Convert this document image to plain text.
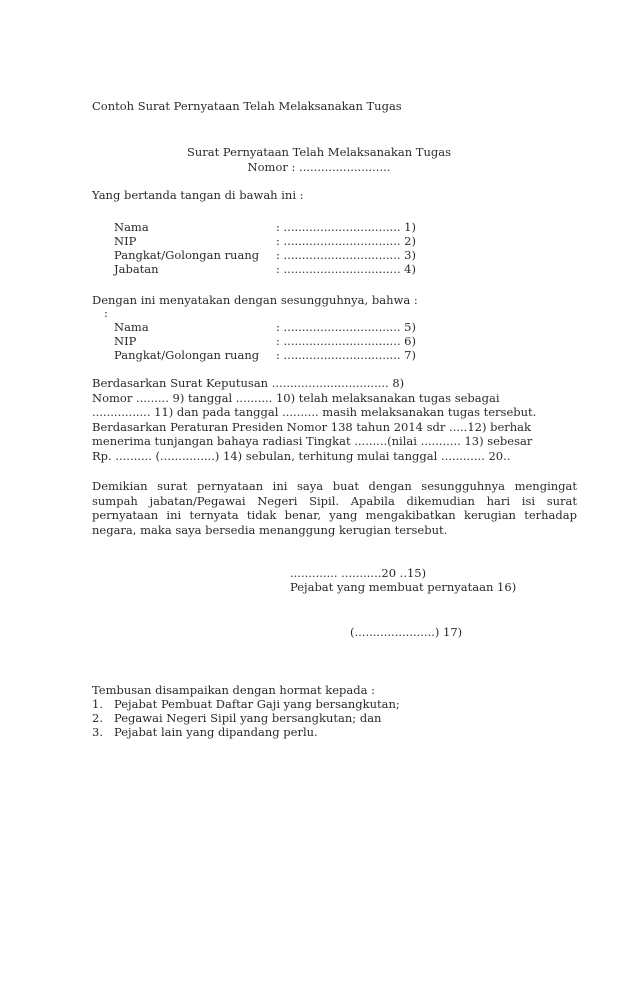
Contoh Surat Pernyataan Telah Melaksanakan Tugas
Surat Pernyataan Telah Melaksanakan Tugas
Nomor : .........................
Yang bertanda tangan di bawah ini :
Nama	: ................................ 1)
NIP	: ................................ 2)
Pangkat/Golongan ruang : ................................ 3)
Jabatan	: ................................ 4)
Dengan ini menyatakan dengan sesungguhnya, bahwa :
:
Nama	: ................................ 5)
NIP	: ................................ 6)
Pangkat/Golongan ruang : ................................ 7)
Berdasarkan Surat Keputusan ................................ 8)
Nomor ......... 9) tanggal .......... 10) telah melaksanakan tugas sebagai
................ 11) dan pada tanggal .......... masih melaksanakan tugas tersebut.
Berdasarkan Peraturan Presiden Nomor 138 tahun 2014 sdr .....12) berhak
menerima tunjangan bahaya radiasi Tingkat .........(nilai ........... 13) sebesar
Rp. .......... (...............) 14) sebulan, terhitung mulai tanggal ............ 20..
Demikian surat pernyataan ini saya buat dengan sesungguhnya mengingat
sumpah jabatan/Pegawai Negeri Sipil. Apabila dikemudian hari isi surat
pernyataan ini ternyata tidak benar, yang mengakibatkan kerugian terhadap
negara, maka saya bersedia menanggung kerugian tersebut.
............. ...........20 ..15)
Pejabat yang membuat pernyataan 16)
(......................) 17)
Tembusan disampaikan dengan hormat kepada :
1. Pejabat Pembuat Daftar Gaji yang bersangkutan;
2. Pegawai Negeri Sipil yang bersangkutan; dan
3. Pejabat lain yang dipandang perlu.
